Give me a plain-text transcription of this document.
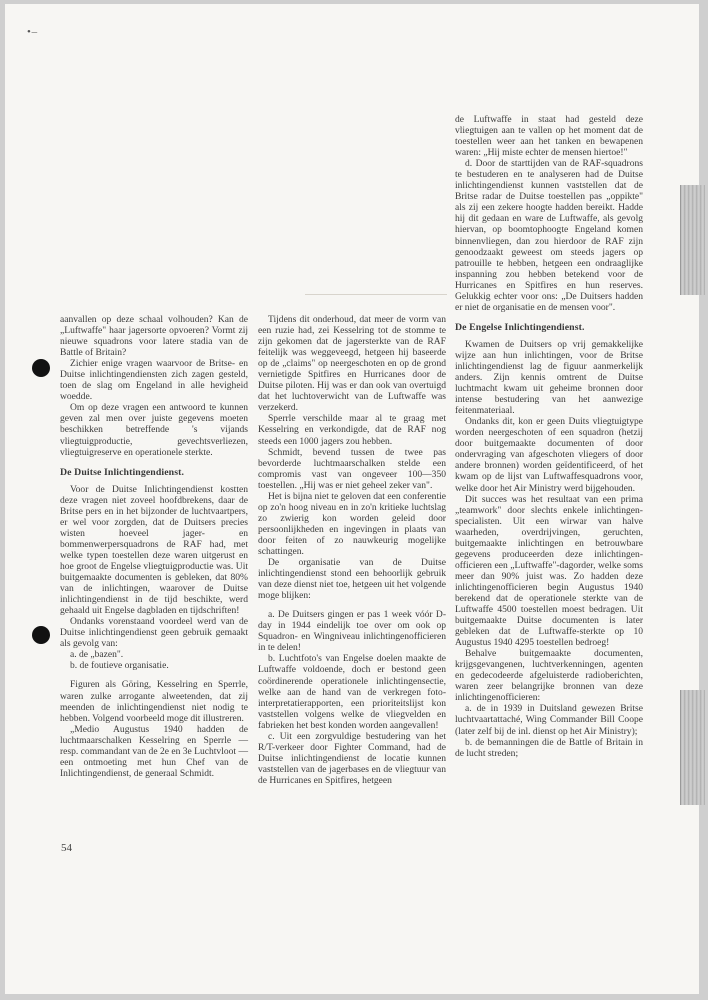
• ‒

aanvallen op deze schaal volhouden? Kan de „Luftwaffe" haar jagersorte opvoeren? Vormt zij nieuwe squadrons voor latere stadia van de Battle of Britain?

Zichier enige vragen waarvoor de Britse- en Duitse inlichtingendiensten zich zagen gesteld, toen de slag om Engeland in alle hevigheid woedde.

Om op deze vragen een antwoord te kunnen geven zal men over juiste gegevens moeten beschikken betreffende 's vijands vliegtuigproductie, gevechtsverliezen, vliegtuigreserve en operationele sterkte.

De Duitse Inlichtingendienst.

Voor de Duitse Inlichtingendienst kostten deze vragen niet zoveel hoofdbrekens, daar de Britse pers en in het bijzonder de luchtvaartpers, er wel voor zorgden, dat de Duitsers precies wisten hoeveel jager- en bommenwerpersquadrons de RAF had, met welke typen toestellen deze waren uitgerust en hoe groot de Engelse vliegtuigproductie was. Uit buitgemaakte documenten is gebleken, dat 80% van de inlichtingen, waarover de Duitse inlichtingendienst in de tijd beschikte, werd gehaald uit Engelse dagbladen en tijdschriften!

Ondanks vorenstaand voordeel werd van de Duitse inlichtingendienst geen gebruik gemaakt als gevolg van:

a. de „bazen".

b. de foutieve organisatie.

Figuren als Göring, Kesselring en Sperrle, waren zulke arrogante alweetenden, dat zij meenden de inlichtingendienst niet nodig te hebben. Volgend voorbeeld moge dit illustreren.

„Medio Augustus 1940 hadden de luchtmaarschalken Kesselring en Sperrle — resp. commandant van de 2e en 3e Luchtvloot — een ontmoeting met hun Chef van de Inlichtingendienst, de generaal Schmidt.

Tijdens dit onderhoud, dat meer de vorm van een ruzie had, zei Kesselring tot de stomme te zijn gekomen dat de jagersterkte van de RAF feitelijk was weggeveegd, hetgeen hij baseerde op de „claims" op neergeschoten en op de grond vernietigde Spitfires en Hurricanes door de Duitse piloten. Hij was er dan ook van overtuigd dat het luchtoverwicht van de Luftwaffe was verzekerd.

Sperrle verschilde maar al te graag met Kesselring en verkondigde, dat de RAF nog steeds een 1000 jagers zou hebben.

Schmidt, bevend tussen de twee pas bevorderde luchtmaarschalken stelde een compromis vast van ongeveer 100—350 toestellen. „Hij was er niet geheel zeker van".

Het is bijna niet te geloven dat een conferentie op zo'n hoog niveau en in zo'n kritieke luchtslag zo zwierig kon worden geleid door persoonlijkheden en ingevingen in plaats van door feiten of zo nauwkeurig mogelijke schattingen.

De organisatie van de Duitse inlichtingendienst stond een behoorlijk gebruik van deze dienst niet toe, hetgeen uit het volgende moge blijken:

a. De Duitsers gingen er pas 1 week vóór D-day in 1944 eindelijk toe over om ook op Squadron- en Wingniveau inlichtingenofficieren in te delen!

b. Luchtfoto's van Engelse doelen maakte de Luftwaffe voldoende, doch er bestond geen coördinerende operationele inlichtingensectie, welke aan de hand van de verkregen foto-interpretatierapporten, een prioriteitslijst kon vaststellen volgens welke de vliegvelden en fabrieken het best konden worden aangevallen!

c. Uit een zorgvuldige bestudering van het R/T-verkeer door Fighter Command, had de Duitse inlichtingendienst de locatie kunnen vaststellen van de jagerbases en de vliegtuur van de Hurricanes en Spitfires, hetgeen

de Luftwaffe in staat had gesteld deze vliegtuigen aan te vallen op het moment dat de toestellen weer aan het tanken en bewapenen waren: „Hij miste echter de mensen hiertoe!"

d. Door de starttijden van de RAF-squadrons te bestuderen en te analyseren had de Duitse inlichtingendienst kunnen vaststellen dat de Britse radar de Duitse toestellen pas „oppikte" als zij een zekere hoogte hadden bereikt. Hadde hij dit gedaan en ware de Luftwaffe, als gevolg hiervan, op boomtophoogte Engeland komen binnenvliegen, dan zou hierdoor de RAF zijn genoodzaakt geweest om steeds jagers op patrouille te hebben, hetgeen een ondraaglijke inspanning zou hebben betekend voor de Hurricanes en Spitfires en hun reserves. Gelukkig echter voor ons: „De Duitsers hadden er niet de organisatie en de mensen voor".

De Engelse Inlichtingendienst.

Kwamen de Duitsers op vrij gemakkelijke wijze aan hun inlichtingen, voor de Britse inlichtingendienst lag de figuur aanmerkelijk anders. Zijn kennis omtrent de Duitse luchtmacht kwam uit geheime bronnen door intense bestudering van het aanwezige feitenmateriaal.

Ondanks dit, kon er geen Duits vliegtuigtype worden neergeschoten of een squadron (hetzij door buitgemaakte documenten of door ondervraging van afgeschoten vliegers of door andere bronnen) worden geïdentificeerd, of het kwam op de lijst van Luftwaffesquadrons voor, welke door het Air Ministry werd bijgehouden.

Dit succes was het resultaat van een prima „teamwork" door slechts enkele inlichtingen-specialisten. Uit een wirwar van halve waarheden, overdrijvingen, geruchten, buitgemaakte inlichtingen en betrouwbare gegevens produceerden deze inlichtingen-officieren een „Luftwaffe"-dagorder, welke soms meer dan 90% juist was. Zo hadden deze inlichtingenofficieren begin Augustus 1940 berekend dat de operationele sterkte van de Luftwaffe 4500 toestellen moest bedragen. Uit buitgemaakte Duitse documenten is later gebleken dat de Luftwaffe-sterkte op 10 Augustus 1940 4295 toestellen bedroeg!

Behalve buitgemaakte documenten, krijgsgevangenen, luchtverkenningen, agenten en gedecodeerde afgeluisterde radioberichten, waren zeer belangrijke bronnen van deze inlichtingenofficieren:

a. de in 1939 in Duitsland gewezen Britse luchtvaartattaché, Wing Commander Bill Coope (later zelf bij de inl. dienst op het Air Ministry);

b. de bemanningen die de Battle of Britain in de lucht streden;

54
